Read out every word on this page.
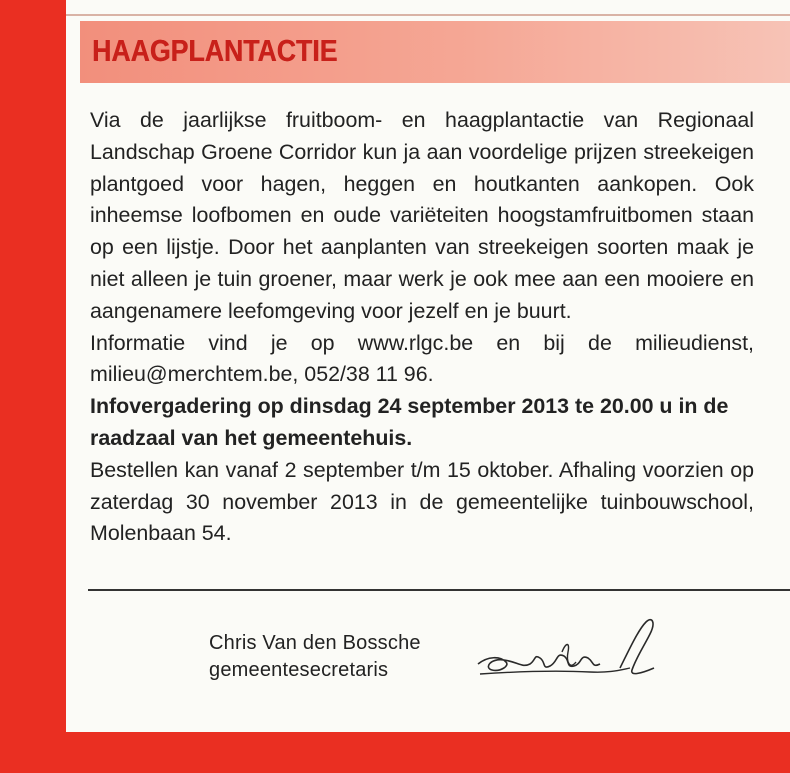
HAAGPLANTACTIE

Via de jaarlijkse fruitboom- en haagplantactie van Regionaal Landschap Groene Corridor kun ja aan voordelige prijzen streekeigen plantgoed voor hagen, heggen en houtkanten aankopen. Ook inheemse loofbomen en oude variëteiten hoogstamfruitbomen staan op een lijstje. Door het aanplanten van streekeigen soorten maak je niet alleen je tuin groener, maar werk je ook mee aan een mooiere en aangenamere leefomgeving voor jezelf en je buurt.

Informatie vind je op www.rlgc.be en bij de milieudienst, milieu@merchtem.be, 052/38 11 96.

Infovergadering op dinsdag 24 september 2013 te 20.00 u in de raadzaal van het gemeentehuis.

Bestellen kan vanaf 2 september t/m 15 oktober. Afhaling voorzien op zaterdag 30 november 2013 in de gemeentelijke tuinbouwschool, Molenbaan 54.

Chris Van den Bossche
gemeentesecretaris
